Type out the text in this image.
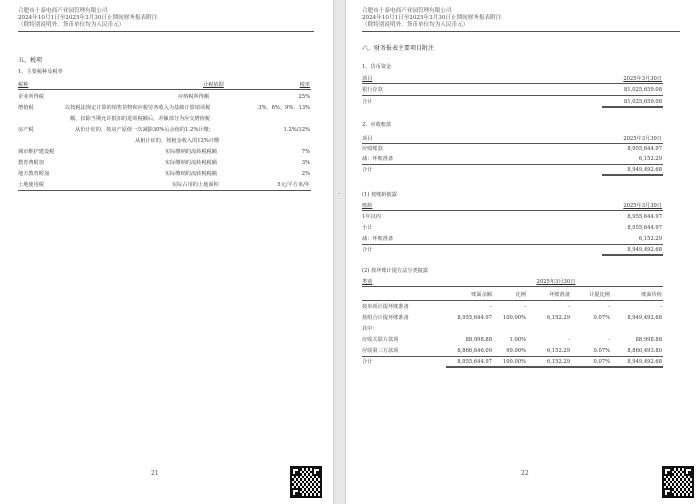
合肥市十泰电商产业园管理有限公司
2024年10月1日至2025年3月30日止期间财务报表附注
（除特别说明外，货币单位均为人民币元）
五、税项
1、主要税种及税率
税种	计税依据	税率
企业所得税	应纳税所得额	25%
增值税	以按税法规定计算的销售货物和应税劳务收入为基础计算销项税	3%、6%、9%、13%
额，扣除当期允许抵扣的进项税额后，差额部分为应交增值税
房产税	从价计征的，按房产原值一次减除30%后余值的1.2%计缴；	1.2%/12%
从租计征的，按租金收入的12%计缴
城市维护建设税	实际缴纳的流转税税额	7%
教育费附加	实际缴纳的流转税税额	3%
地方教育附加	实际缴纳的流转税税额	2%
土地使用税	实际占用的土地面积	5元/平方米/年
21
·
合肥市十泰电商产业园管理有限公司
2024年10月1日至2025年3月30日止期间财务报表附注
（除特别说明外，货币单位均为人民币元）
六、财务报表主要项目附注
1、货币资金
项目	2025年3月30日
银行存款	81,025,659.08
合计	81,025,659.08
2、应收账款
项目	2025年3月30日
应收账款	8,955,644.97
减：坏账准备	6,152.29
合计	8,949,492.68
(1) 按账龄披露
账龄	2025年3月30日
1年以内	8,955,644.97
小计	8,955,644.97
减：坏账准备	6,152.29
合计	8,949,492.68
(2) 按坏账计提方法分类披露
类别	2025年3月30日
账面余额	比例	坏账准备	计提比例	账面价值
按单项计提坏账准备	-	-	-	-	-
按组合计提坏账准备	8,955,644.97	100.00%	6,152.29	0.07%	8,949,492.68
其中：
应收关联方款项	88,998.88	1.00%	-	-	88,998.88
应收第三方款项	8,866,646.09	99.00%	6,152.29	0.07%	8,860,493.80
合计	8,955,644.97	100.00%	6,152.29	0.07%	8,949,492.68
22
